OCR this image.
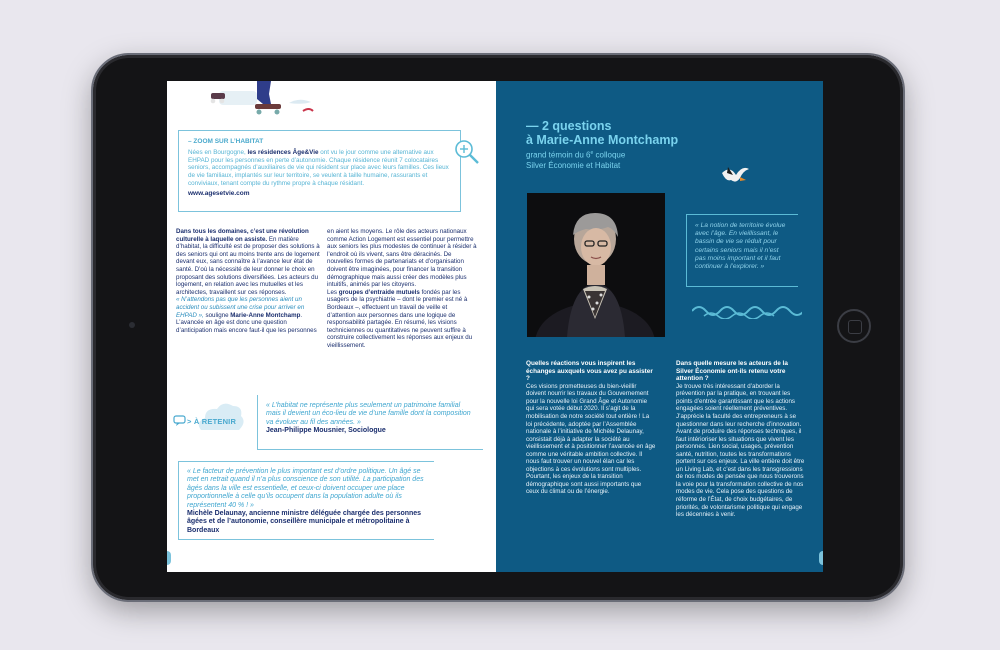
– ZOOM SUR L’HABITAT
Nées en Bourgogne, les résidences Âge&Vie ont vu le jour comme une alternative aux EHPAD pour les personnes en perte d’autonomie. Chaque résidence réunit 7 colocataires seniors, accompagnés d’auxiliaires de vie qui résident sur place avec leurs familles. Ces lieux de vie familiaux, implantés sur leur territoire, se veulent à taille humaine, rassurants et conviviaux, tenant compte du rythme propre à chaque résidant.
www.agesetvie.com
Dans tous les domaines, c’est une révolution culturelle à laquelle on assiste. En matière d’habitat, la difficulté est de proposer des solutions à des seniors qui ont au moins trente ans de logement devant eux, sans connaître à l’avance leur état de santé. D’où la nécessité de leur donner le choix en proposant des solutions diversifiées. Les acteurs du logement, en relation avec les mutuelles et les architectes, travaillent sur ces réponses.
« N’attendons pas que les personnes aient un accident ou subissent une crise pour arriver en EHPAD », souligne Marie-Anne Montchamp. L’avancée en âge est donc une question d’anticipation mais encore faut-il que les personnes
en aient les moyens. Le rôle des acteurs nationaux comme Action Logement est essentiel pour permettre aux seniors les plus modestes de continuer à résider à l’endroit où ils vivent, sans être déracinés. De nouvelles formes de partenariats et d’organisation doivent être imaginées, pour financer la transition démographique mais aussi créer des modèles plus intuitifs, animés par les citoyens.
Les groupes d’entraide mutuels fondés par les usagers de la psychiatrie – dont le premier est né à Bordeaux –, effectuent un travail de veille et d’attention aux personnes dans une logique de responsabilité partagée. En résumé, les visions techniciennes ou quantitatives ne peuvent suffire à construire collectivement les réponses aux enjeux du vieillissement.
> À RETENIR
« L’habitat ne représente plus seulement un patrimoine familial mais il devient un éco-lieu de vie d’une famille dont la composition va évoluer au fil des années. »
Jean-Philippe Mousnier, Sociologue
« Le facteur de prévention le plus important est d’ordre politique. Un âgé se met en retrait quand il n’a plus conscience de son utilité. La participation des âgés dans la ville est essentielle, et ceux-ci doivent occuper une place proportionnelle à celle qu’ils occupent dans la population adulte où ils représentent 40 % ! »
Michèle Delaunay, ancienne ministre déléguée chargée des personnes âgées et de l’autonomie, conseillère municipale et métropolitaine à Bordeaux
— 2 questions
à Marie-Anne Montchamp
grand témoin du 6e colloque
Silver Économie et Habitat
« La notion de territoire évolue avec l’âge. En vieillissant, le bassin de vie se réduit pour certains seniors mais il n’est pas moins important et il faut continuer à l’explorer. »
Quelles réactions vous inspirent les échanges auxquels vous avez pu assister ?
Ces visions prometteuses du bien-vieillir doivent nourrir les travaux du Gouvernement pour la nouvelle loi Grand Âge et Autonomie qui sera votée début 2020. Il s’agit de la mobilisation de notre société tout entière ! La loi précédente, adoptée par l’Assemblée nationale à l’initiative de Michèle Delaunay, consistait déjà à adapter la société au vieillissement et à positionner l’avancée en âge comme une véritable ambition collective. Il nous faut trouver un nouvel élan car les objections à ces évolutions sont multiples. Pourtant, les enjeux de la transition démographique sont aussi importants que ceux du climat ou de l’énergie.
Dans quelle mesure les acteurs de la Silver Économie ont-ils retenu votre attention ?
Je trouve très intéressant d’aborder la prévention par la pratique, en trouvant les points d’entrée garantissant que les actions engagées soient réellement préventives. J’apprécie la faculté des entrepreneurs à se questionner dans leur recherche d’innovation. Avant de produire des réponses techniques, il faut intérioriser les situations que vivent les personnes. Lien social, usages, prévention santé, nutrition, toutes les transformations portent sur ces enjeux. La ville entière doit être un Living Lab, et c’est dans les transgressions de nos modes de pensée que nous trouverons la voie pour la transformation collective de nos modes de vie. Cela pose des questions de réforme de l’État, de choix budgétaires, de priorités, de volontarisme politique qui engage les décennies à venir.
